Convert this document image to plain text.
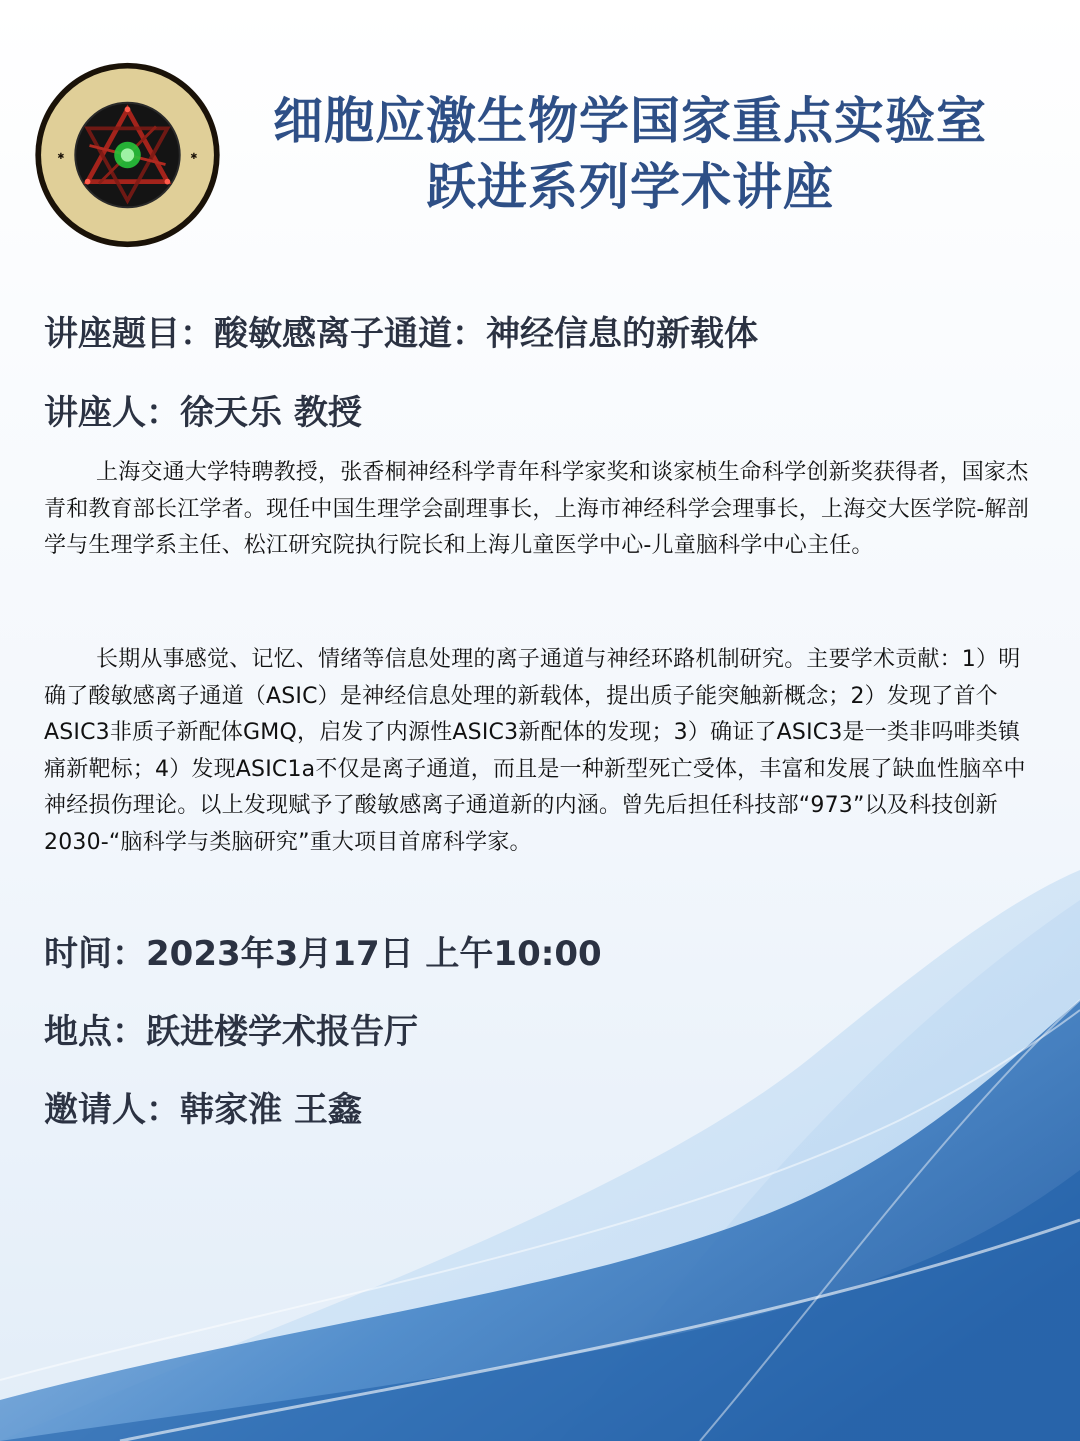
✱	✱
细胞应激生物学国家重点实验室
跃进系列学术讲座
讲座题目：酸敏感离子通道：神经信息的新载体
讲座人：徐天乐 教授
上海交通大学特聘教授，张香桐神经科学青年科学家奖和谈家桢生命科学创新奖获得者，国家杰青和教育部长江学者。现任中国生理学会副理事长，上海市神经科学会理事长，上海交大医学院-解剖学与生理学系主任、松江研究院执行院长和上海儿童医学中心-儿童脑科学中心主任。
长期从事感觉、记忆、情绪等信息处理的离子通道与神经环路机制研究。主要学术贡献：1）明确了酸敏感离子通道（ASIC）是神经信息处理的新载体，提出质子能突触新概念；2）发现了首个ASIC3非质子新配体GMQ，启发了内源性ASIC3新配体的发现；3）确证了ASIC3是一类非吗啡类镇痛新靶标；4）发现ASIC1a不仅是离子通道，而且是一种新型死亡受体，丰富和发展了缺血性脑卒中神经损伤理论。以上发现赋予了酸敏感离子通道新的内涵。曾先后担任科技部“973”以及科技创新2030-“脑科学与类脑研究”重大项目首席科学家。
时间：2023年3月17日 上午10:00
地点：跃进楼学术报告厅
邀请人：韩家淮 王鑫
